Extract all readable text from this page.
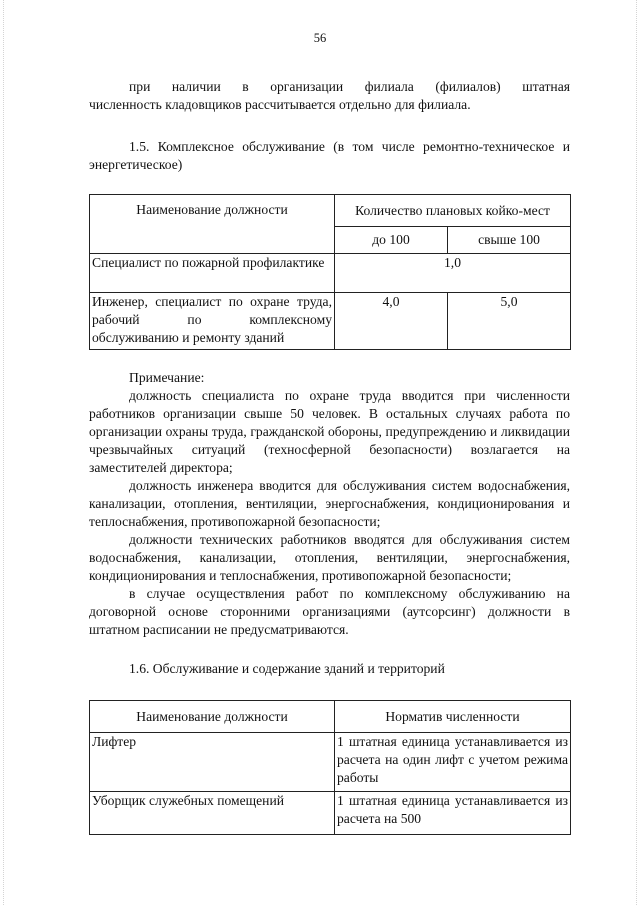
56

при наличии в организации филиала (филиалов) штатная

численность кладовщиков рассчитывается отдельно для филиала.

1.5. Комплексное обслуживание (в том числе ремонтно-техническое и энергетическое)

Наименование должности	Количество плановых койко-мест	
	до 100	свыше 100
Специалист по пожарной профилактике	1,0	
Инженер, специалист по охране труда, рабочий по комплексному обслуживанию и ремонту зданий	4,0	5,0

Примечание:

должность специалиста по охране труда вводится при численности работников организации свыше 50 человек. В остальных случаях работа по организации охраны труда, гражданской обороны, предупреждению и ликвидации чрезвычайных ситуаций (техносферной безопасности) возлагается на заместителей директора;

должность инженера вводится для обслуживания систем водоснабжения, канализации, отопления, вентиляции, энергоснабжения, кондиционирования и теплоснабжения, противопожарной безопасности;

должности технических работников вводятся для обслуживания систем водоснабжения, канализации, отопления, вентиляции, энергоснабжения, кондиционирования и теплоснабжения, противопожарной безопасности;

в случае осуществления работ по комплексному обслуживанию на договорной основе сторонними организациями (аутсорсинг) должности в штатном расписании не предусматриваются.

1.6. Обслуживание и содержание зданий и территорий

Наименование должности	Норматив численности
Лифтер	1 штатная единица устанавливается из расчета на один лифт с учетом режима работы
Уборщик служебных помещений	1 штатная единица устанавливается из расчета на 500
